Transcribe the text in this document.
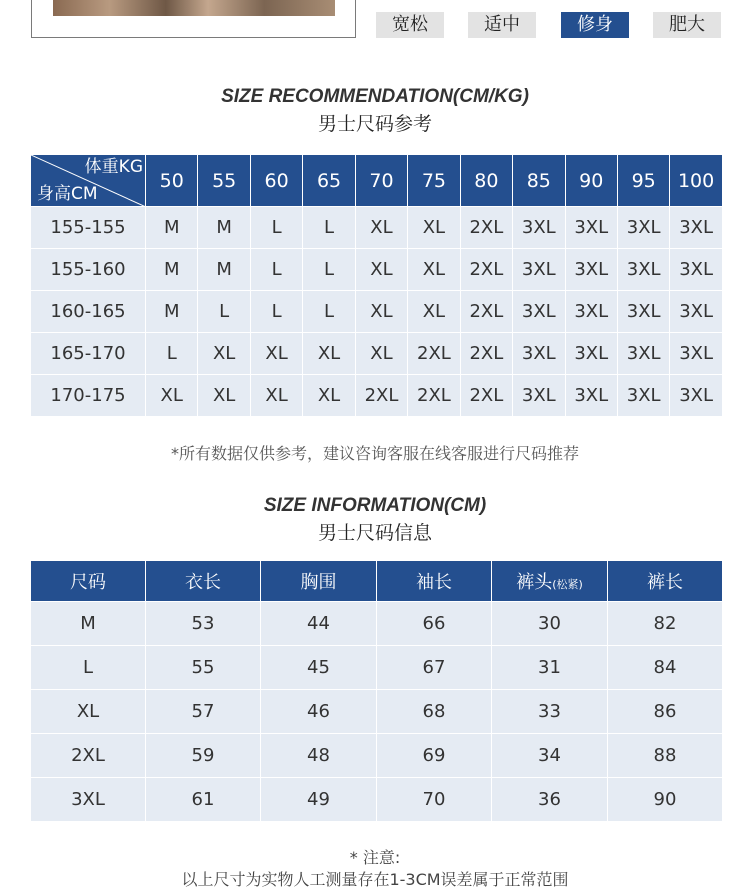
宽松	适中	修身	肥大
SIZE RECOMMENDATION(CM/KG)
男士尺码参考
体重KG
身高CM	50	55	60	65	70	75	80	85	90	95	100
155-155	M	M	L	L	XL	XL	2XL	3XL	3XL	3XL	3XL
155-160	M	M	L	L	XL	XL	2XL	3XL	3XL	3XL	3XL
160-165	M	L	L	L	XL	XL	2XL	3XL	3XL	3XL	3XL
165-170	L	XL	XL	XL	XL	2XL	2XL	3XL	3XL	3XL	3XL
170-175	XL	XL	XL	XL	2XL	2XL	2XL	3XL	3XL	3XL	3XL
*所有数据仅供参考，建议咨询客服在线客服进行尺码推荐
SIZE INFORMATION(CM)
男士尺码信息
尺码	衣长	胸围	袖长	裤头(松紧)	裤长
M	53	44	66	30	82
L	55	45	67	31	84
XL	57	46	68	33	86
2XL	59	48	69	34	88
3XL	61	49	70	36	90
* 注意:
以上尺寸为实物人工测量存在1-3CM误差属于正常范围
